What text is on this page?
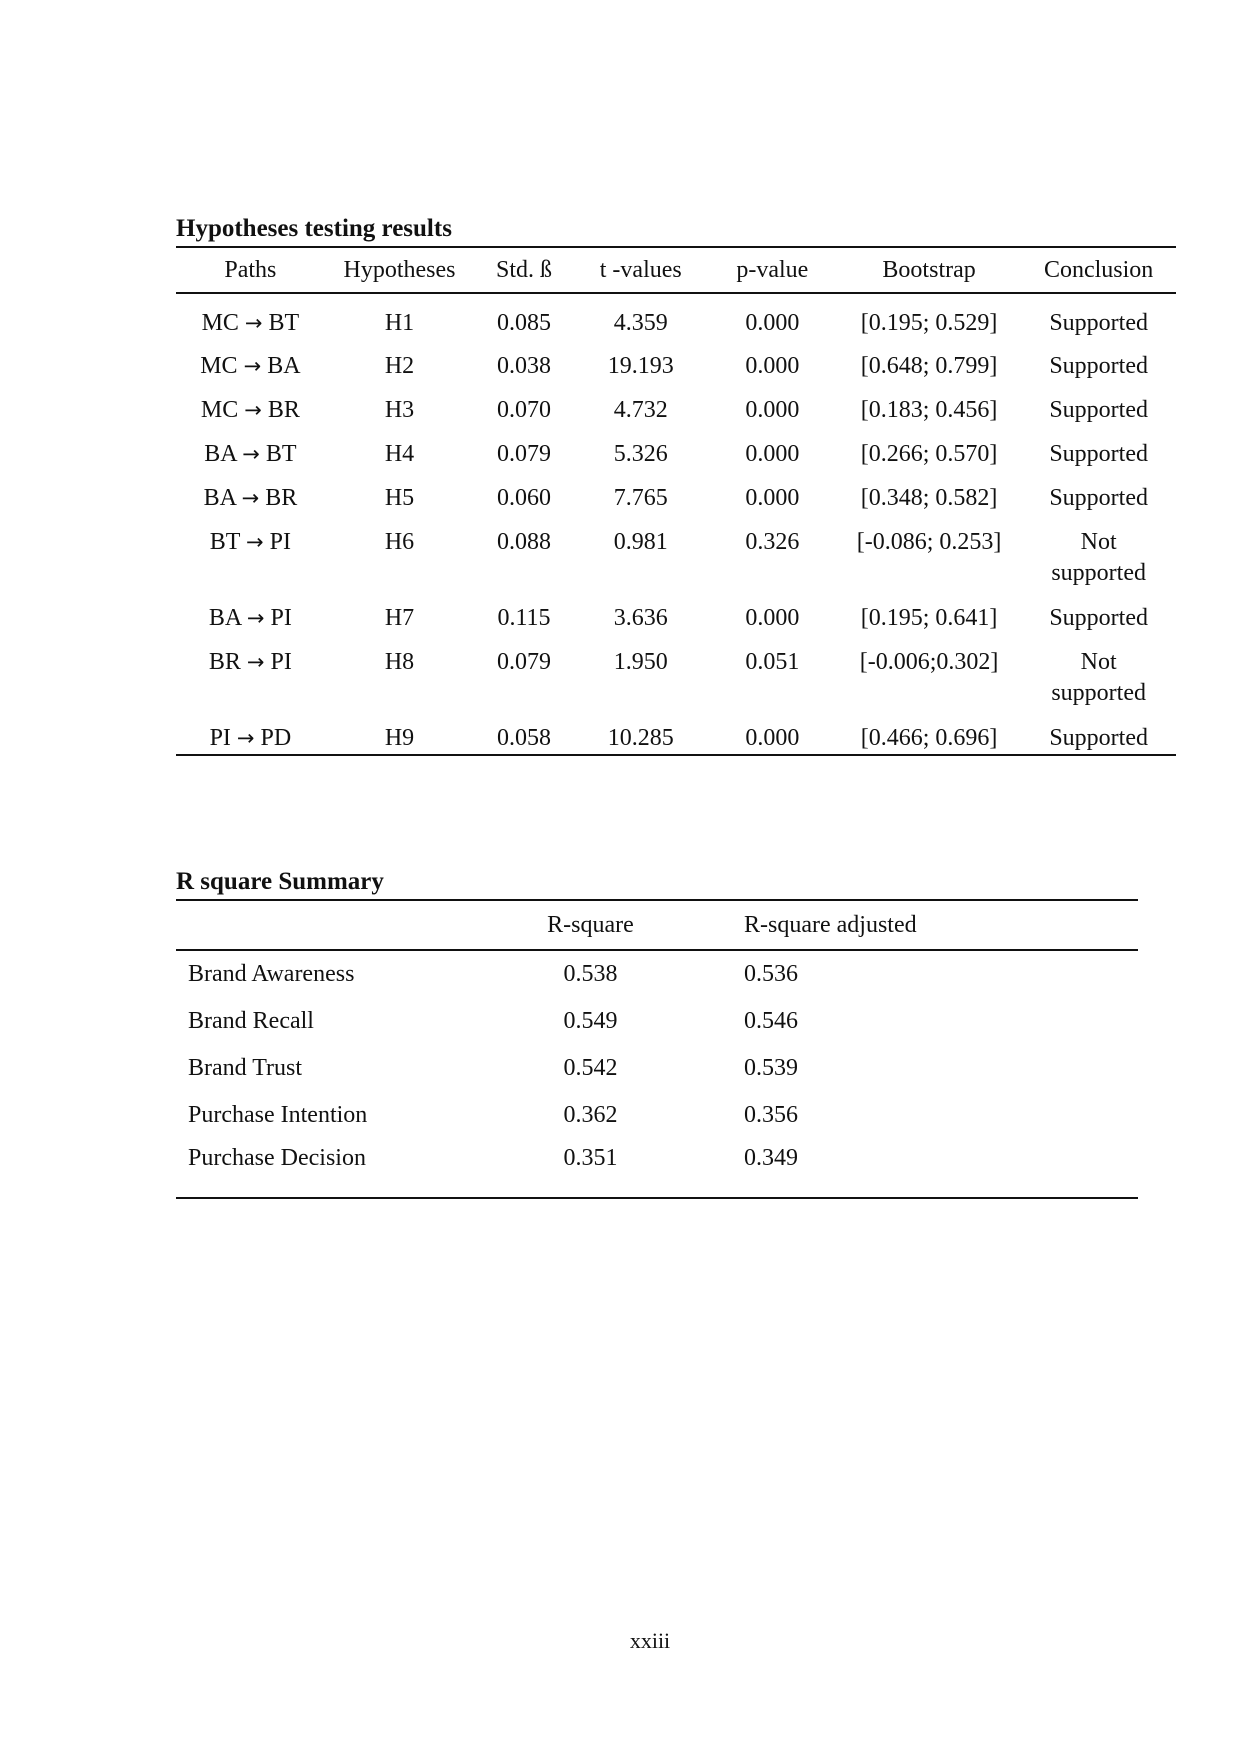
Hypotheses testing results

Paths	Hypotheses	Std. ß	t -values	p-value	Bootstrap	Conclusion
MC → BT	H1	0.085	4.359	0.000	[0.195; 0.529]	Supported
MC → BA	H2	0.038	19.193	0.000	[0.648; 0.799]	Supported
MC → BR	H3	0.070	4.732	0.000	[0.183; 0.456]	Supported
BA → BT	H4	0.079	5.326	0.000	[0.266; 0.570]	Supported
BA → BR	H5	0.060	7.765	0.000	[0.348; 0.582]	Supported
BT → PI	H6	0.088	0.981	0.326	[-0.086; 0.253]	Not supported
BA → PI	H7	0.115	3.636	0.000	[0.195; 0.641]	Supported
BR → PI	H8	0.079	1.950	0.051	[-0.006;0.302]	Not supported
PI → PD	H9	0.058	10.285	0.000	[0.466; 0.696]	Supported

R square Summary

	R-square	R-square adjusted
Brand Awareness	0.538	0.536
Brand Recall	0.549	0.546
Brand Trust	0.542	0.539
Purchase Intention	0.362	0.356
Purchase Decision	0.351	0.349
xxiii
